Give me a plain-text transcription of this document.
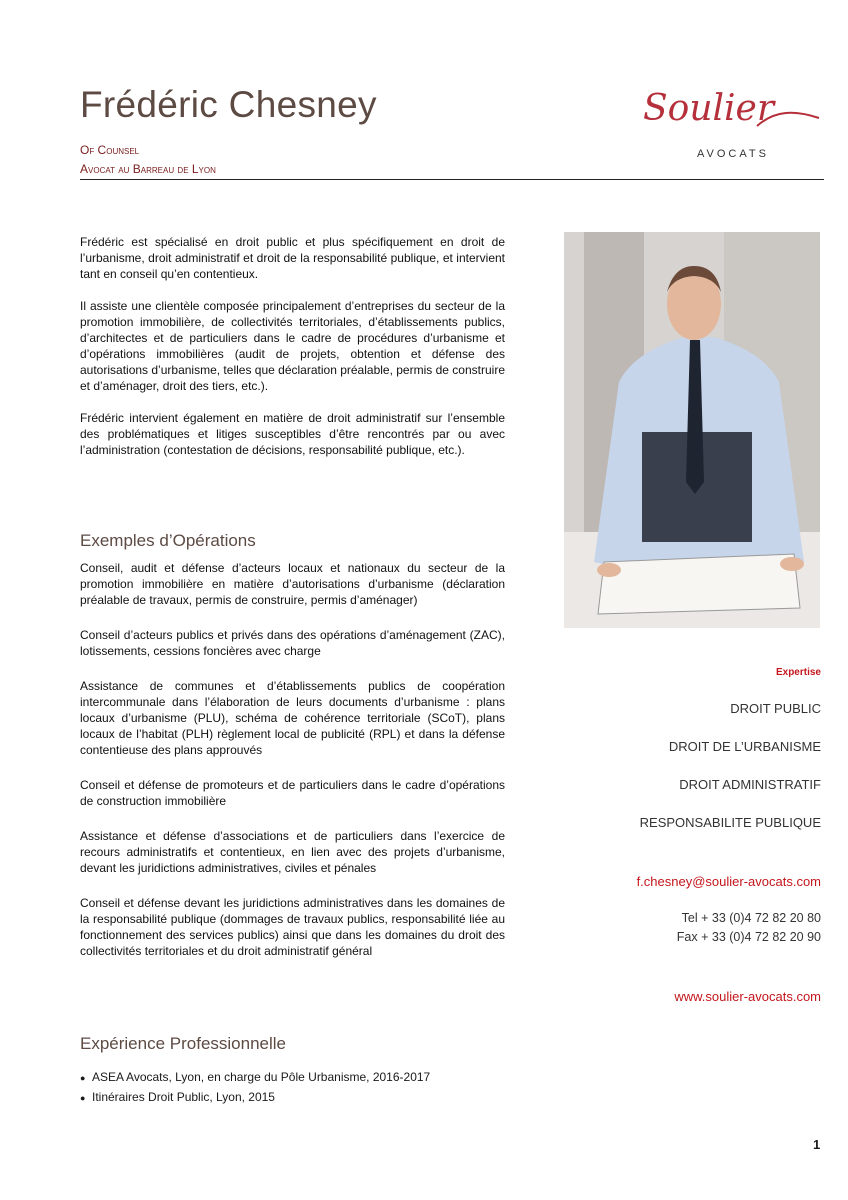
Frédéric Chesney
Of Counsel
Avocat au Barreau de Lyon
Soulier
AVOCATS

Frédéric est spécialisé en droit public et plus spécifiquement en droit de l’urbanisme, droit administratif et droit de la responsabilité publique, et intervient tant en conseil qu’en contentieux.

Il assiste une clientèle composée principalement d’entreprises du secteur de la promotion immobilière, de collectivités territoriales, d’établissements publics, d’architectes et de particuliers dans le cadre de procédures d’urbanisme et d’opérations immobilières (audit de projets, obtention et défense des autorisations d’urbanisme, telles que déclaration préalable, permis de construire et d’aménager, droit des tiers, etc.).

Frédéric intervient également en matière de droit administratif sur l’ensemble des problématiques et litiges susceptibles d’être rencontrés par ou avec l’administration (contestation de décisions, responsabilité publique, etc.).

Exemples d’Opérations

Conseil, audit et défense d’acteurs locaux et nationaux du secteur de la promotion immobilière en matière d’autorisations d’urbanisme (déclaration préalable de travaux, permis de construire, permis d’aménager)

Conseil d’acteurs publics et privés dans des opérations d’aménagement (ZAC), lotissements, cessions foncières avec charge

Assistance de communes et d’établissements publics de coopération intercommunale dans l’élaboration de leurs documents d’urbanisme : plans locaux d’urbanisme (PLU), schéma de cohérence territoriale (SCoT), plans locaux de l’habitat (PLH) règlement local de publicité (RPL) et dans la défense contentieuse des plans approuvés

Conseil et défense de promoteurs et de particuliers dans le cadre d’opérations de construction immobilière

Assistance et défense d’associations et de particuliers dans l’exercice de recours administratifs et contentieux, en lien avec des projets d’urbanisme, devant les juridictions administratives, civiles et pénales

Conseil et défense devant les juridictions administratives dans les domaines de la responsabilité publique (dommages de travaux publics, responsabilité liée au fonctionnement des services publics) ainsi que dans les domaines du droit des collectivités territoriales et du droit administratif général

Expérience Professionnelle
● ASEA Avocats, Lyon, en charge du Pôle Urbanisme, 2016-2017
● Itinéraires Droit Public, Lyon, 2015
Expertise
DROIT PUBLIC
DROIT DE L’URBANISME
DROIT ADMINISTRATIF
RESPONSABILITE PUBLIQUE
f.chesney@soulier-avocats.com
Tel + 33 (0)4 72 82 20 80
Fax + 33 (0)4 72 82 20 90
www.soulier-avocats.com
1
